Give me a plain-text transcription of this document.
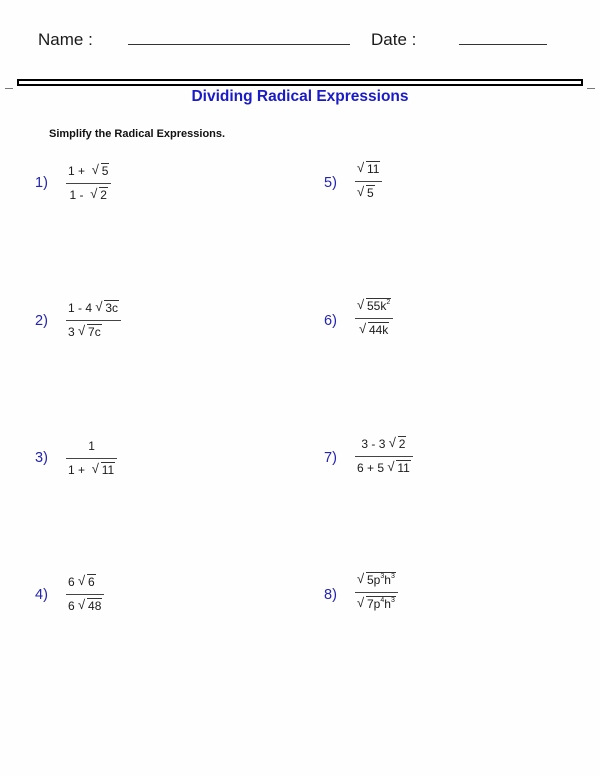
Name :	Date :
Dividing Radical Expressions
Simplify the Radical Expressions.
1)
1 + √ 5
1 - √ 2
2)
1 - 4 √ 3c
3 √ 7c
3)
1
1 + √ 11
4)
6 √ 6
6 √ 48
5)
√ 11
√ 5
6)
√ $55k^2$
√ 44k
7)
3 - 3 √ 2
6 + 5 √ 11
8)
√ $5p^3h^3$
√ $7p^4h^3$
